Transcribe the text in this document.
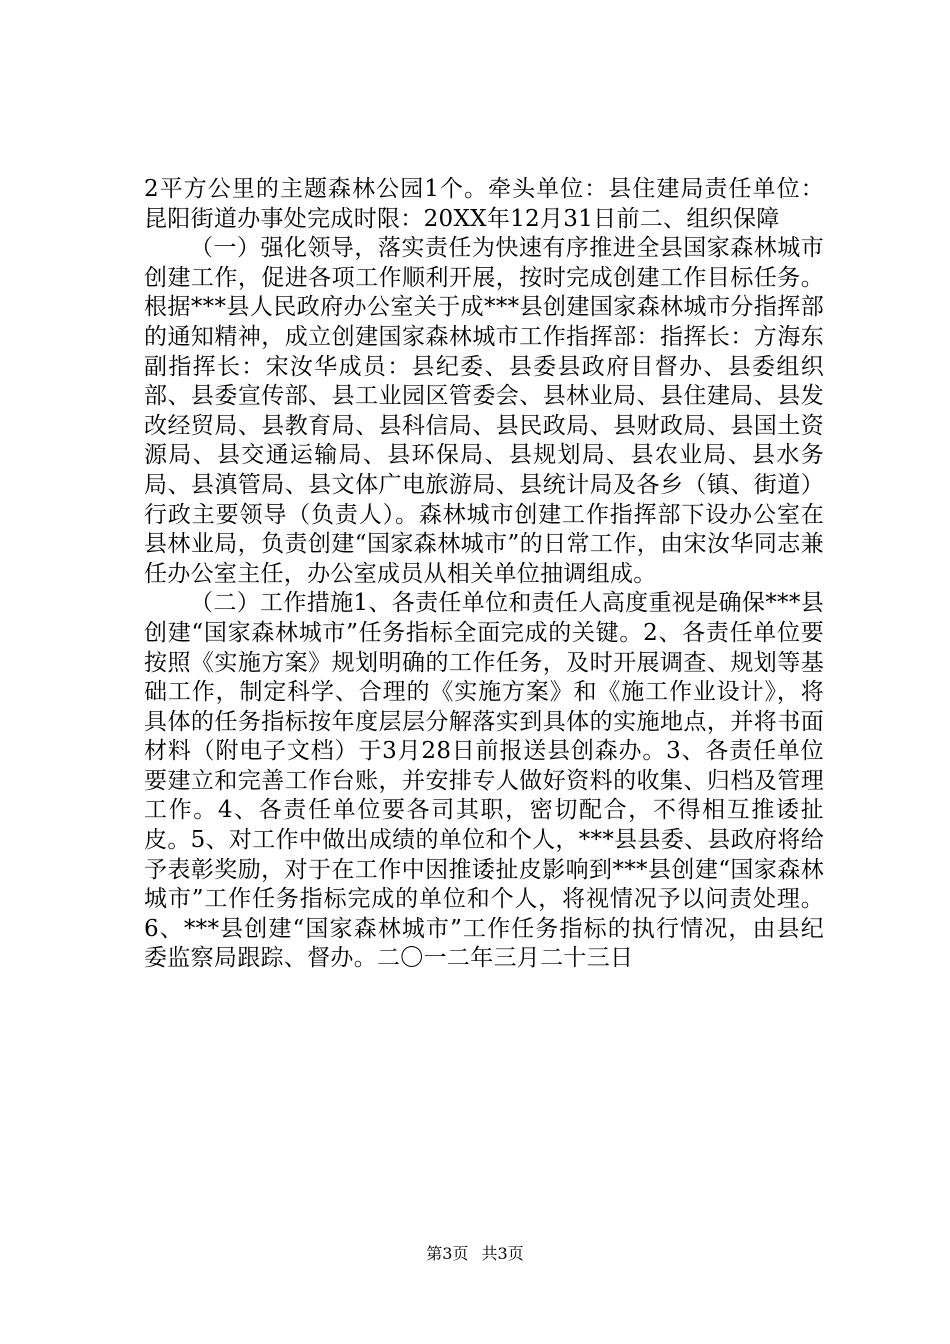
2平方公里的主题森林公园1个。牵头单位：县住建局责任单位：昆阳街道办事处完成时限：20XX年12月31日前二、组织保障

（一）强化领导，落实责任为快速有序推进全县国家森林城市创建工作，促进各项工作顺利开展，按时完成创建工作目标任务。根据***县人民政府办公室关于成***县创建国家森林城市分指挥部的通知精神，成立创建国家森林城市工作指挥部：指挥长：方海东副指挥长：宋汝华成员：县纪委、县委县政府目督办、县委组织部、县委宣传部、县工业园区管委会、县林业局、县住建局、县发改经贸局、县教育局、县科信局、县民政局、县财政局、县国土资源局、县交通运输局、县环保局、县规划局、县农业局、县水务局、县滇管局、县文体广电旅游局、县统计局及各乡（镇、街道）行政主要领导（负责人）。森林城市创建工作指挥部下设办公室在县林业局，负责创建“国家森林城市”的日常工作，由宋汝华同志兼任办公室主任，办公室成员从相关单位抽调组成。

（二）工作措施1、各责任单位和责任人高度重视是确保***县创建“国家森林城市”任务指标全面完成的关键。2、各责任单位要按照《实施方案》规划明确的工作任务，及时开展调查、规划等基础工作，制定科学、合理的《实施方案》和《施工作业设计》，将具体的任务指标按年度层层分解落实到具体的实施地点，并将书面材料（附电子文档）于3月28日前报送县创森办。3、各责任单位要建立和完善工作台账，并安排专人做好资料的收集、归档及管理工作。4、各责任单位要各司其职，密切配合，不得相互推诿扯皮。5、对工作中做出成绩的单位和个人，***县县委、县政府将给予表彰奖励，对于在工作中因推诿扯皮影响到***县创建“国家森林城市”工作任务指标完成的单位和个人，将视情况予以问责处理。6、***县创建“国家森林城市”工作任务指标的执行情况，由县纪委监察局跟踪、督办。二〇一二年三月二十三日

第3页 共3页
